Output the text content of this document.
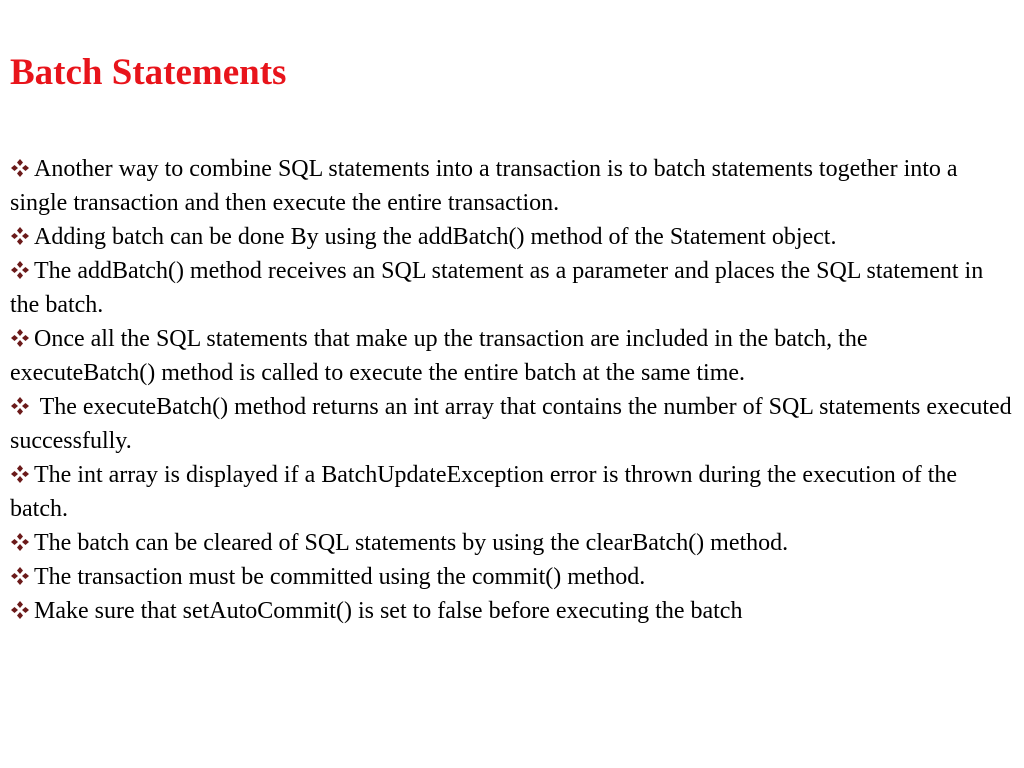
Batch Statements
Another way to combine SQL statements into a transaction is to batch statements together into a single transaction and then execute the entire transaction.
Adding batch can be done By using the addBatch() method of the Statement object.
The addBatch() method receives an SQL statement as a parameter and places the SQL statement in the batch.
Once all the SQL statements that make up the transaction are included in the batch, the executeBatch() method is called to execute the entire batch at the same time.
The executeBatch() method returns an int array that contains the number of SQL statements executed successfully.
The int array is displayed if a BatchUpdateException error is thrown during the execution of the batch.
The batch can be cleared of SQL statements by using the clearBatch() method.
The transaction must be committed using the commit() method.
Make sure that setAutoCommit() is set to false before executing the batch
